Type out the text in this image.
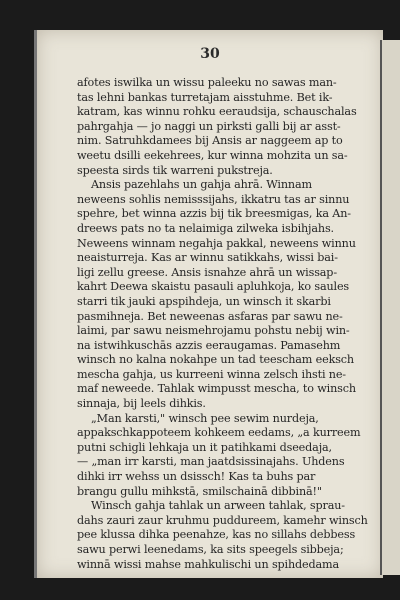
30
afotes iswilka un wissu paleeku no sawas man-
tas lehni bankas turretajam aisstuhme. Bet ik-
katram, kas winnu rohku eeraudsija, schauschalas
pahrgahja — jo naggi un pirksti galli bij ar asst-
nim. Satruhkdamees bij Ansis ar naggeem ap to
weetu dsilli eekehrees, kur winna mohzita un sa-
speesta sirds tik warreni pukstreja.
Ansis pazehlahs un gahja ahrā. Winnam
neweens sohlis nemisssijahs, ikkatru tas ar sinnu
spehre, bet winna azzis bij tik breesmigas, ka An-
dreews pats no ta nelaimiga zilweka isbihjahs.
Neweens winnam negahja pakkal, neweens winnu
neaisturreja. Kas ar winnu satikkahs, wissi bai-
ligi zellu greese. Ansis isnahze ahrā un wissap-
kahrt Deewa skaistu pasauli apluhkoja, ko saules
starri tik jauki apspihdeja, un winsch it skarbi
pasmihneja. Bet neweenas asfaras par sawu ne-
laimi, par sawu neismehrojamu pohstu nebij win-
na istwihkuschās azzis eeraugamas. Pamasehm
winsch no kalna nokahpe un tad teescham eeksch
mescha gahja, us kurreeni winna zelsch ihsti ne-
maf neweede. Tahlak wimpusst mescha, to winsch
sinnaja, bij leels dihkis.
„Man karsti," winsch pee sewim nurdeja,
appakschkappoteem kohkeem eedams, „a kurreem
putni schigli lehkaja un it patihkami dseedaja,
— „man irr karsti, man jaatdsissinajahs. Uhdens
dihki irr wehss un dsissch! Kas ta buhs par
brangu gullu mihkstā, smilschainā dibbinā!"
Winsch gahja tahlak un arween tahlak, sprau-
dahs zauri zaur kruhmu puddureem, kamehr winsch
pee klussa dihka peenahze, kas no sillahs debbess
sawu perwi leenedams, ka sits speegels sibbeja;
winnā wissi mahse mahkulischi un spihdedama
